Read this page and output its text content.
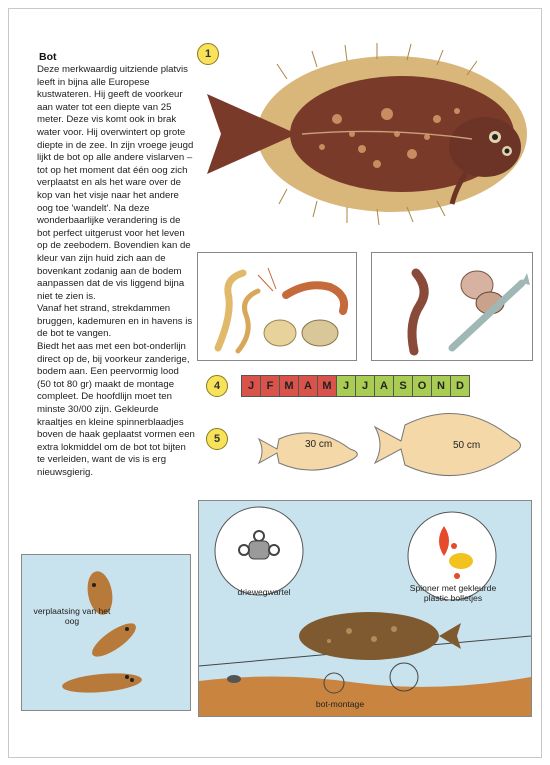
Bot
Deze merkwaardig uitziende platvis leeft in bijna alle Europese kustwateren. Hij geeft de voorkeur aan water tot een diepte van 25 meter. Deze vis komt ook in brak water voor. Hij overwintert op grote diepte in de zee. In zijn vroege jeugd lijkt de bot op alle andere vislarven – tot op het moment dat één oog zich verplaatst en als het ware over de kop van het visje naar het andere oog toe 'wandelt'. Na deze wonderbaarlijke verandering is de bot perfect uitgerust voor het leven op de zeebodem. Bovendien kan de kleur van zijn huid zich aan de bovenkant zodanig aan de bodem aanpassen dat de vis liggend bijna niet te zien is.
Vanaf het strand, strekdammen bruggen, kademuren en in havens is de bot te vangen.
Biedt het aas met een bot-onderlijn direct op de, bij voorkeur zanderige, bodem aan. Een peervormig lood (50 tot 80 gr) maakt de montage compleet. De hoofdlijn moet ten minste 30/00 zijn. Gekleurde kraaltjes en kleine spinnerblaadjes boven de haak geplaatst vormen een extra lokmiddel om de bot tot bijten te verleiden, want de vis is erg nieuwsgierig.
1
4	J	F	M A M	J	J	A	S	O N	D
5	30 cm	50 cm
verplaatsing van het oog
driewegwartel	Spinner met gekleurde plastic bolletjes
bot-montage
